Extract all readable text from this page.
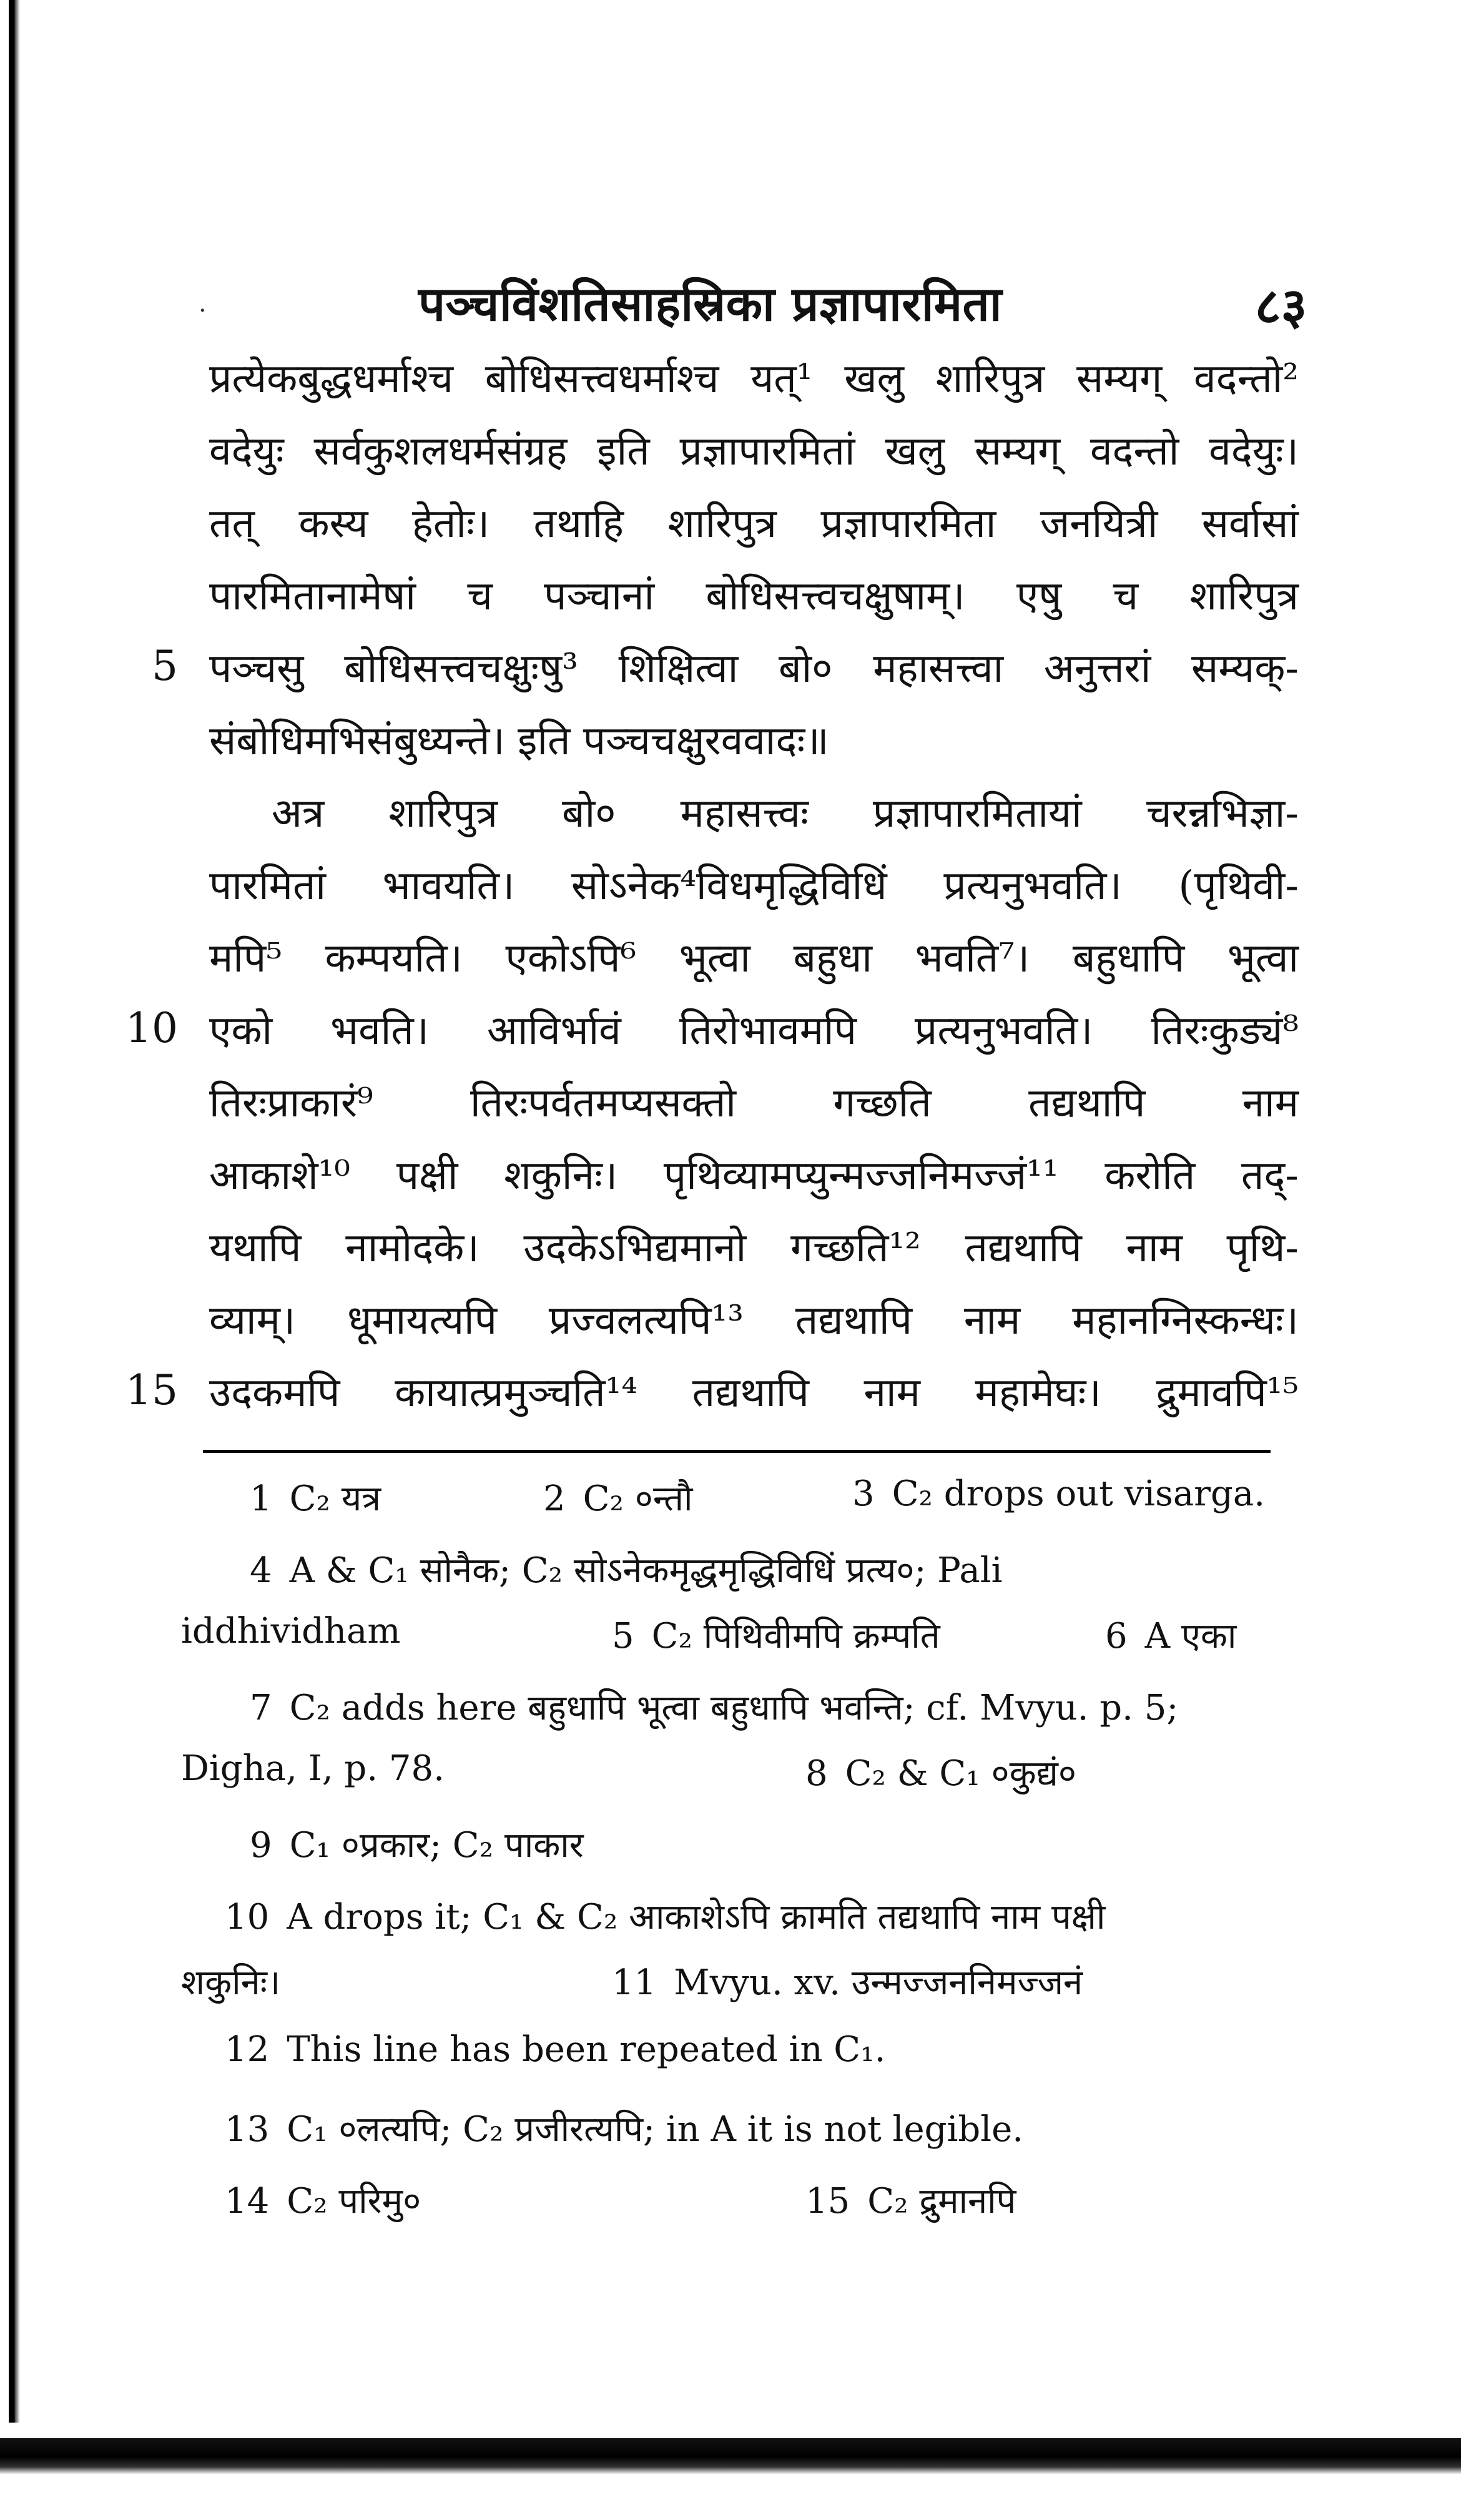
·	पञ्चविंशतिसाहस्रिका प्रज्ञापारमिता	८३
प्रत्येकबुद्धधर्माश्च बोधिसत्त्वधर्माश्च यत्¹ खलु शारिपुत्र सम्यग् वदन्तो²
वदेयुः सर्वकुशलधर्मसंग्रह इति प्रज्ञापारमितां खलु सम्यग् वदन्तो वदेयुः।
तत् कस्य हेतोः। तथाहि शारिपुत्र प्रज्ञापारमिता जनयित्री सर्वासां
पारमितानामेषां च पञ्चानां बोधिसत्त्वचक्षुषाम्। एषु च शारिपुत्र
5 पञ्चसु बोधिसत्त्वचक्षुःषु³ शिक्षित्वा बो० महासत्त्वा अनुत्तरां सम्यक्-
संबोधिमभिसंबुध्यन्ते। इति पञ्चचक्षुरववादः॥
अत्र शारिपुत्र बो० महासत्त्वः प्रज्ञापारमितायां चरन्नभिज्ञा-
पारमितां भावयति। सोऽनेक⁴विधमृद्धिविधिं प्रत्यनुभवति। (पृथिवी-
मपि⁵ कम्पयति। एकोऽपि⁶ भूत्वा बहुधा भवति⁷। बहुधापि भूत्वा
10 एको भवति। आविर्भावं तिरोभावमपि प्रत्यनुभवति। तिरःकुड्यं⁸
तिरःप्राकारं⁹ तिरःपर्वतमप्यसक्तो गच्छति तद्यथापि नाम
आकाशे¹⁰ पक्षी शकुनिः। पृथिव्यामप्युन्मज्जनिमज्जं¹¹ करोति तद्-
यथापि नामोदके। उदकेऽभिद्यमानो गच्छति¹² तद्यथापि नाम पृथि-
व्याम्। धूमायत्यपि प्रज्वलत्यपि¹³ तद्यथापि नाम महानग्निस्कन्धः।
15 उदकमपि कायात्प्रमुञ्चति¹⁴ तद्यथापि नाम महामेघः। द्रुमावपि¹⁵
1 C₂ यत्र	2 C₂ ०न्तौ	3 C₂ drops out visarga.
4 A & C₁ सोनैक; C₂ सोऽनेकमृद्धमृद्धिविधिं प्रत्य०; Pali
iddhividham	5 C₂ पिथिवीमपि क्रम्पति	6 A एका
7 C₂ adds here बहुधापि भूत्वा बहुधापि भवन्ति; cf. Mvyu. p. 5;
Digha, I, p. 78.	8 C₂ & C₁ ०कुद्यं०
9 C₁ ०प्रकार; C₂ पाकार
10 A drops it; C₁ & C₂ आकाशेऽपि क्रामति तद्यथापि नाम पक्षी
शकुनिः।	11 Mvyu. xv. उन्मज्जननिमज्जनं
12 This line has been repeated in C₁.
13 C₁ ०लत्यपि; C₂ प्रजीरत्यपि; in A it is not legible.
14 C₂ परिमु०	15 C₂ द्रुमानपि
